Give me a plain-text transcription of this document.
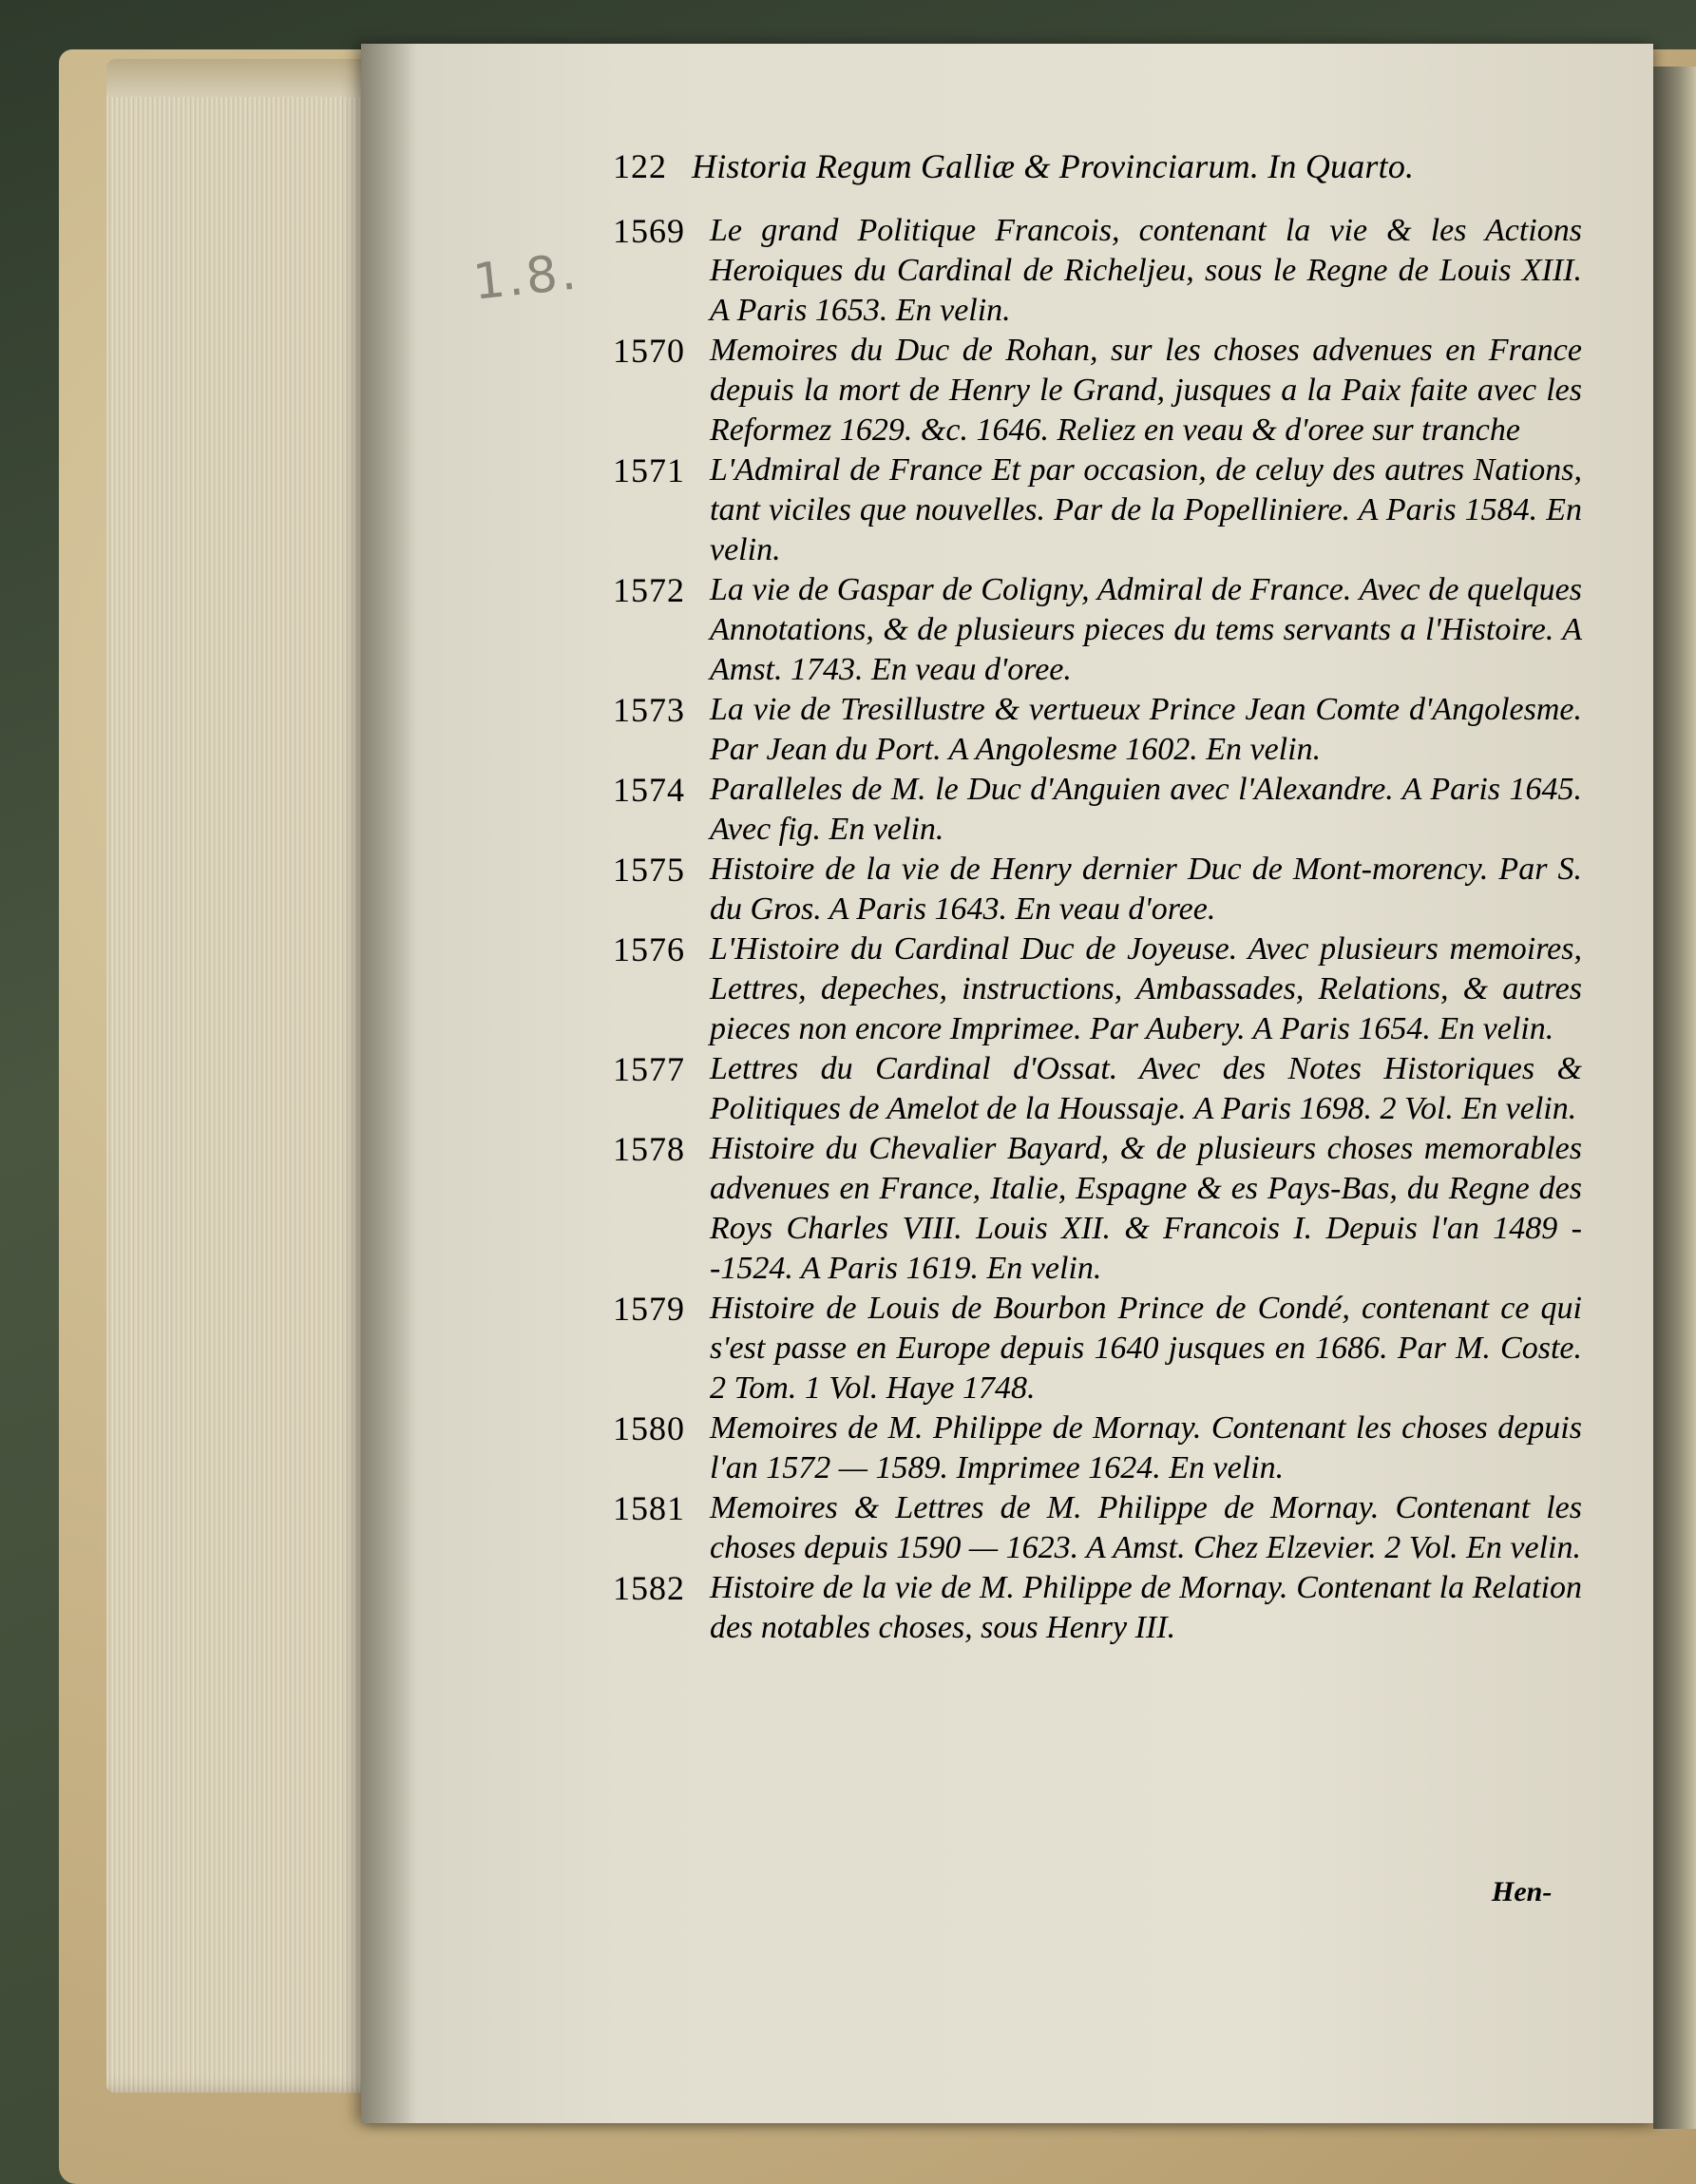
1.8.
122 Historia Regum Galliæ & Provinciarum. In Quarto.
1569 Le grand Politique Francois, contenant la vie & les Actions Heroiques du Cardinal de Richeljeu, sous le Regne de Louis XIII. A Paris 1653. En velin.
1570 Memoires du Duc de Rohan, sur les choses advenues en France depuis la mort de Henry le Grand, jusques a la Paix faite avec les Reformez 1629. &c. 1646. Reliez en veau & d'oree sur tranche
1571 L'Admiral de France Et par occasion, de celuy des autres Nations, tant viciles que nouvelles. Par de la Popelliniere. A Paris 1584. En velin.
1572 La vie de Gaspar de Coligny, Admiral de France. Avec de quelques Annotations, & de plusieurs pieces du tems servants a l'Histoire. A Amst. 1743. En veau d'oree.
1573 La vie de Tresillustre & vertueux Prince Jean Comte d'Angolesme. Par Jean du Port. A Angolesme 1602. En velin.
1574 Paralleles de M. le Duc d'Anguien avec l'Alexandre. A Paris 1645. Avec fig. En velin.
1575 Histoire de la vie de Henry dernier Duc de Mont-morency. Par S. du Gros. A Paris 1643. En veau d'oree.
1576 L'Histoire du Cardinal Duc de Joyeuse. Avec plusieurs memoires, Lettres, depeches, instructions, Ambassades, Relations, & autres pieces non encore Imprimee. Par Aubery. A Paris 1654. En velin.
1577 Lettres du Cardinal d'Ossat. Avec des Notes Historiques & Politiques de Amelot de la Houssaje. A Paris 1698. 2 Vol. En velin.
1578 Histoire du Chevalier Bayard, & de plusieurs choses memorables advenues en France, Italie, Espagne & es Pays-Bas, du Regne des Roys Charles VIII. Louis XII. & Francois I. Depuis l'an 1489 --1524. A Paris 1619. En velin.
1579 Histoire de Louis de Bourbon Prince de Condé, contenant ce qui s'est passe en Europe depuis 1640 jusques en 1686. Par M. Coste. 2 Tom. 1 Vol. Haye 1748.
1580 Memoires de M. Philippe de Mornay. Contenant les choses depuis l'an 1572 — 1589. Imprimee 1624. En velin.
1581 Memoires & Lettres de M. Philippe de Mornay. Contenant les choses depuis 1590 — 1623. A Amst. Chez Elzevier. 2 Vol. En velin.
1582 Histoire de la vie de M. Philippe de Mornay. Contenant la Relation des notables choses, sous Henry III.
Hen-
